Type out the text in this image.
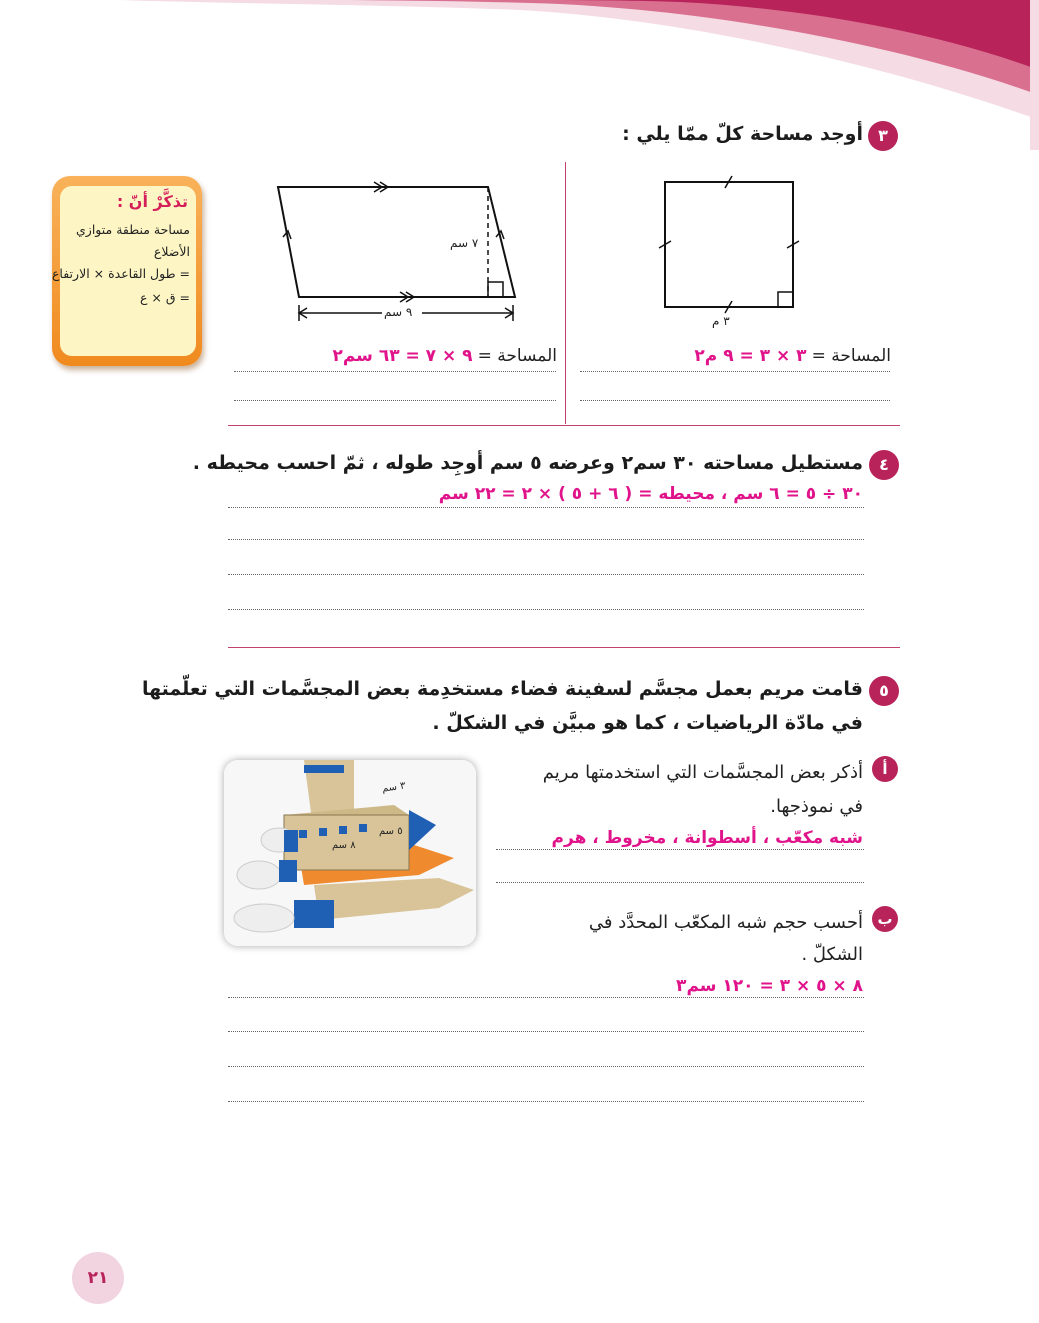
تذكَّرْ أنّ :
مساحة منطقة متوازي
الأضلاع
= طول القاعدة × الارتفاع
= ق × ع
٣
أوجد مساحة كلّ ممّا يلي :
٣ م
٧ سم
٩ سم
المساحة = ٣ × ٣ = ٩ م٢
المساحة = ٩ × ٧ = ٦٣ سم٢
٤
مستطيل مساحته ٣٠ سم٢ وعرضه ٥ سم أوجِد طوله ، ثمّ احسب محيطه .
٣٠ ÷ ٥ = ٦ سم ، محيطه = ( ٦ + ٥ ) × ٢ = ٢٢ سم
٥
قامت مريم بعمل مجسَّم لسفينة فضاء مستخدِمة بعض المجسَّمات التي تعلّمتها
في مادّة الرياضيات ، كما هو مبيَّن في الشكلّ .
أ
أذكر بعض المجسَّمات التي استخدمتها مريم
في نموذجها.
شبه مكعّب ، أسطوانة ، مخروط ، هرم
ب
أحسب حجم شبه المكعّب المحدَّد في
الشكلّ .
٨ × ٥ × ٣ = ١٢٠ سم٣
٣ سم
٥ سم
٨ سم
٢١
